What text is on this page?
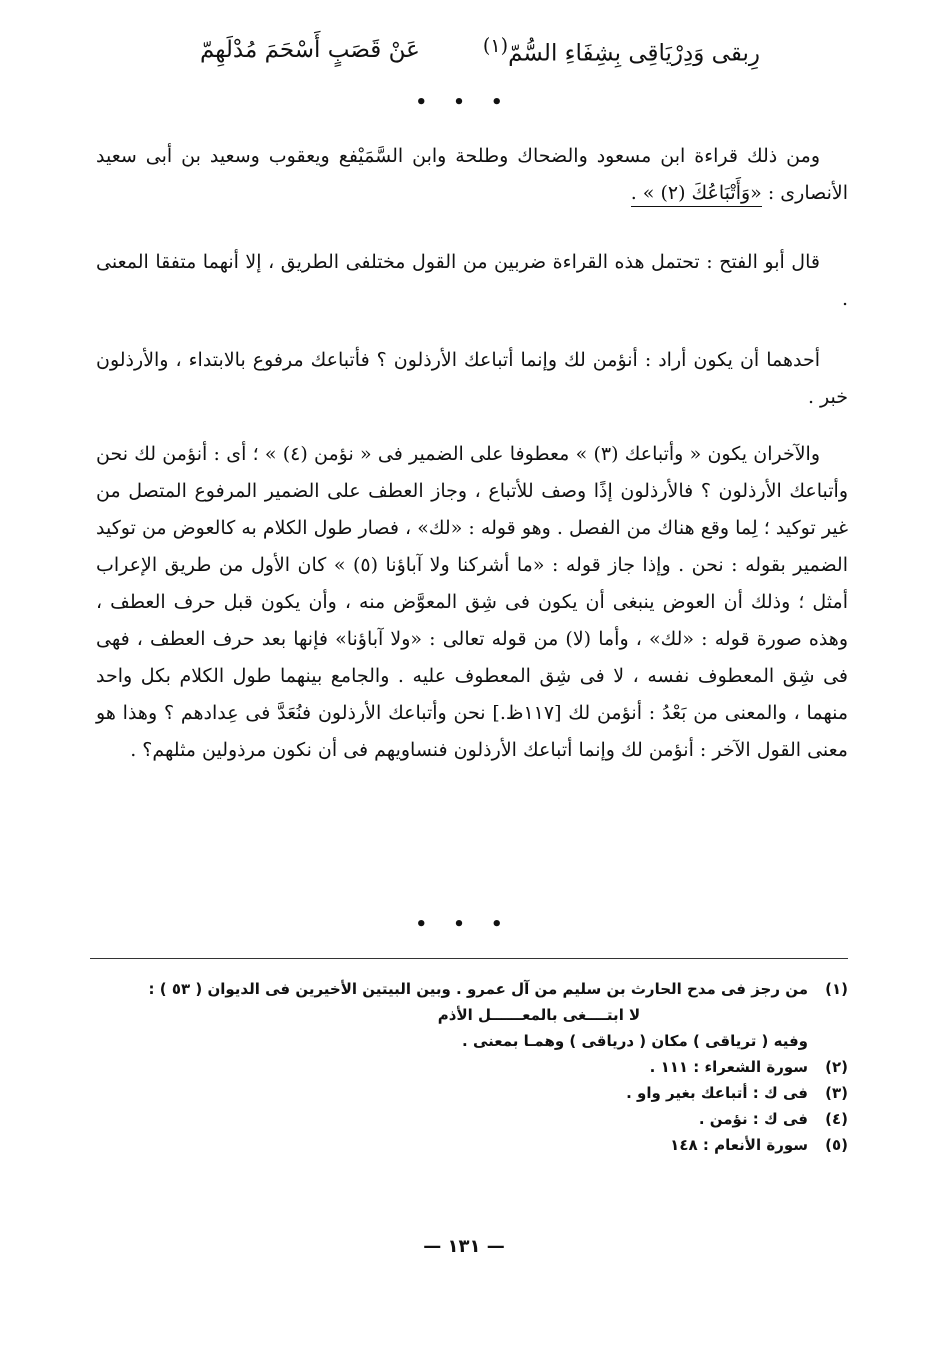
رِبقى وَدِرْيَاقِى بِشِفَاءِ السُّمّ$^{(١)}$
عَنْ قَصَبٍ أَسْحَمَ مُدْلَهِمّ
• • •

ومن ذلك قراءة ابن مسعود والضحاك وطلحة وابن السَّمَيْفع ويعقوب وسعيد بن أبى سعيد الأنصارى : «وَأَتْبَاعُكَ (٢) » .

قال أبو الفتح : تحتمل هذه القراءة ضربين من القول مختلفى الطريق ، إلا أنهما متفقا المعنى .

أحدهما أن يكون أراد : أنؤمن لك وإنما أتباعك الأرذلون ؟ فأتباعك مرفوع بالابتداء ، والأرذلون خبر .

والآخران يكون « وأتباعك (٣) » معطوفا على الضمير فى « نؤمن (٤) » ؛ أى : أنؤمن لك نحن وأتباعك الأرذلون ؟ فالأرذلون إذًا وصف للأتباع ، وجاز العطف على الضمير المرفوع المتصل من غير توكيد ؛ لِما وقع هناك من الفصل . وهو قوله : «لك» ، فصار طول الكلام به كالعوض من توكيد الضمير بقوله : نحن . وإذا جاز قوله : «ما أشركنا ولا آباؤنا (٥) » كان الأول من طريق الإعراب أمثل ؛ وذلك أن العوض ينبغى أن يكون فى شِق المعوَّض منه ، وأن يكون قبل حرف العطف ، وهذه صورة قوله : «لك» ، وأما (لا) من قوله تعالى : «ولا آباؤنا» فإنها بعد حرف العطف ، فهى فى شِق المعطوف نفسه ، لا فى شِق المعطوف عليه . والجامع بينهما طول الكلام بكل واحد منهما ، والمعنى من بَعْدُ : أنؤمن لك [١١٧ظ.] نحن وأتباعك الأرذلون فنُعَدَّ فى عِدادهم ؟ وهذا هو معنى القول الآخر : أنؤمن لك وإنما أتباعك الأرذلون فنساويهم فى أن نكون مرذولين مثلهم؟ .

• • •
(١)
من رجز فى مدح الحارث بن سليم من آل عمرو . وبين البيتين الأخيرين فى الديوان ( ٥٣ ) :
لا ابتــــغى بالمعــــــل الأذم
وفيه ( ترياقى ) مكان ( درياقى ) وهمـا بمعنى .
(٢)
سورة الشعراء : ١١١ .
(٣)
فى ك : أتباعك بغير واو .
(٤)
فى ك : نؤمن .
(٥)
سورة الأنعام : ١٤٨
— ١٣١ —
